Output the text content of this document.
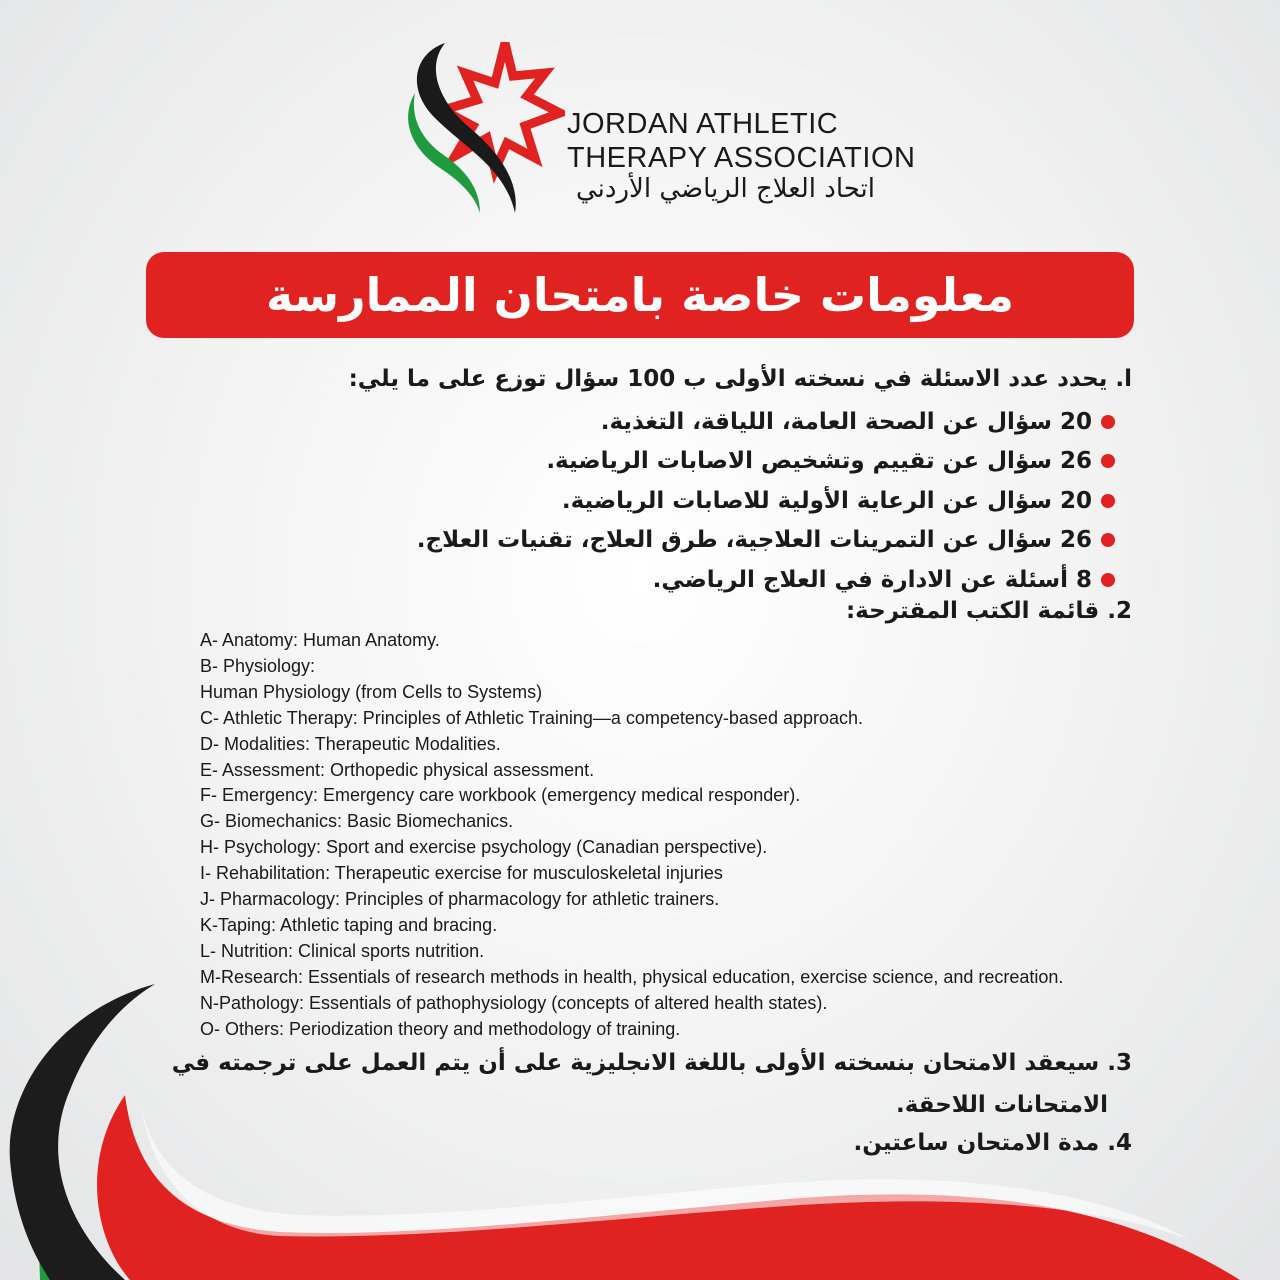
JORDAN ATHLETIC
THERAPY ASSOCIATION
اتحاد العلاج الرياضي الأردني
معلومات خاصة بامتحان الممارسة
ا. يحدد عدد الاسئلة في نسخته الأولى ب 100 سؤال توزع على ما يلي:
20 سؤال عن الصحة العامة، اللياقة، التغذية.
26 سؤال عن تقييم وتشخيص الاصابات الرياضية.
20 سؤال عن الرعاية الأولية للاصابات الرياضية.
26 سؤال عن التمرينات العلاجية، طرق العلاج، تقنيات العلاج.
8 أسئلة عن الادارة في العلاج الرياضي.
2. قائمة الكتب المقترحة:
A- Anatomy: Human Anatomy.
B- Physiology:
Human Physiology (from Cells to Systems)
C- Athletic Therapy: Principles of Athletic Training—a competency-based approach.
D- Modalities: Therapeutic Modalities.
E- Assessment: Orthopedic physical assessment.
F- Emergency: Emergency care workbook (emergency medical responder).
G- Biomechanics: Basic Biomechanics.
H- Psychology: Sport and exercise psychology (Canadian perspective).
I- Rehabilitation: Therapeutic exercise for musculoskeletal injuries
J- Pharmacology: Principles of pharmacology for athletic trainers.
K-Taping: Athletic taping and bracing.
L- Nutrition: Clinical sports nutrition.
M-Research: Essentials of research methods in health, physical education, exercise science, and recreation.
N-Pathology: Essentials of pathophysiology (concepts of altered health states).
O- Others: Periodization theory and methodology of training.
3. سيعقد الامتحان بنسخته الأولى باللغة الانجليزية على أن يتم العمل على ترجمته في
الامتحانات اللاحقة.
4. مدة الامتحان ساعتين.
